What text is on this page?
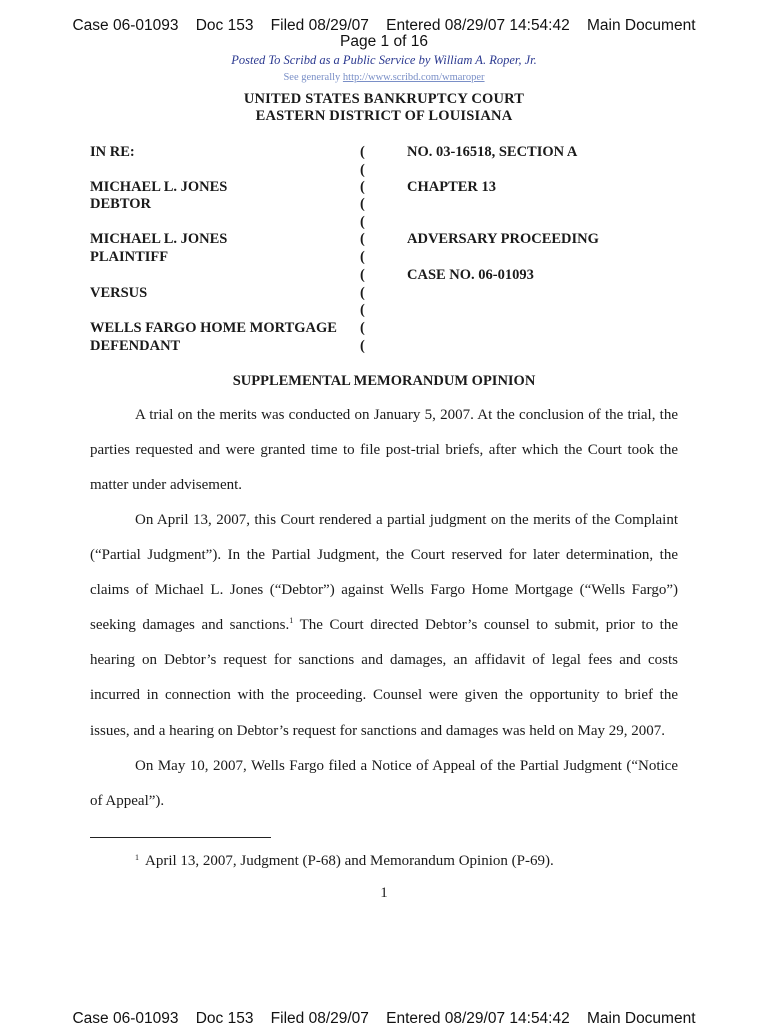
Case 06-01093 Doc 153 Filed 08/29/07 Entered 08/29/07 14:54:42 Main Document
Page 1 of 16
Posted To Scribd as a Public Service by William A. Roper, Jr.
See generally http://www.scribd.com/wmaroper
UNITED STATES BANKRUPTCY COURT
EASTERN DISTRICT OF LOUISIANA
IN RE:
MICHAEL L. JONES
DEBTOR
MICHAEL L. JONES
PLAINTIFF
VERSUS
WELLS FARGO HOME MORTGAGE
DEFENDANT
(
(
(
(
(
(
(
(
(
(
(
(
NO. 03-16518, SECTION A
CHAPTER 13
ADVERSARY PROCEEDING
CASE NO. 06-01093
SUPPLEMENTAL MEMORANDUM OPINION

A trial on the merits was conducted on January 5, 2007. At the conclusion of the trial, the parties requested and were granted time to file post-trial briefs, after which the Court took the matter under advisement.

On April 13, 2007, this Court rendered a partial judgment on the merits of the Complaint (“Partial Judgment”). In the Partial Judgment, the Court reserved for later determination, the claims of Michael L. Jones (“Debtor”) against Wells Fargo Home Mortgage (“Wells Fargo”) seeking damages and sanctions.$^1$ The Court directed Debtor’s counsel to submit, prior to the hearing on Debtor’s request for sanctions and damages, an affidavit of legal fees and costs incurred in connection with the proceeding. Counsel were given the opportunity to brief the issues, and a hearing on Debtor’s request for sanctions and damages was held on May 29, 2007.

On May 10, 2007, Wells Fargo filed a Notice of Appeal of the Partial Judgment (“Notice of Appeal”).

$^1$ April 13, 2007, Judgment (P-68) and Memorandum Opinion (P-69).
1
Case 06-01093 Doc 153 Filed 08/29/07 Entered 08/29/07 14:54:42 Main Document
